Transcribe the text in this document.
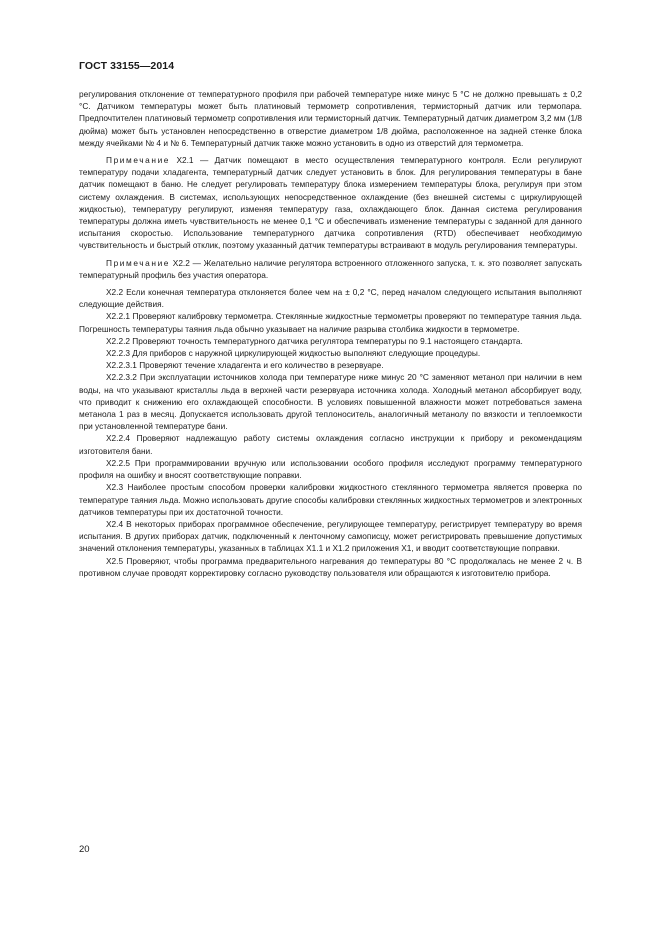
ГОСТ 33155—2014

регулирования отклонение от температурного профиля при рабочей температуре ниже минус 5 °C не должно превышать ± 0,2 °C. Датчиком температуры может быть платиновый термометр сопротивления, термисторный датчик или термопара. Предпочтителен платиновый термометр сопротивления или термисторный датчик. Температурный датчик диаметром 3,2 мм (1/8 дюйма) может быть установлен непосредственно в отверстие диаметром 1/8 дюйма, расположенное на задней стенке блока между ячейками № 4 и № 6. Температурный датчик также можно установить в одно из отверстий для термометра.

Примечание Х2.1 — Датчик помещают в место осуществления температурного контроля. Если регулируют температуру подачи хладагента, температурный датчик следует установить в блок. Для регулирования температуры в бане датчик помещают в баню. Не следует регулировать температуру блока измерением температуры блока, регулируя при этом систему охлаждения. В системах, использующих непосредственное охлаждение (без внешней системы с циркулирующей жидкостью), температуру регулируют, изменяя температуру газа, охлаждающего блок. Данная система регулирования температуры должна иметь чувствительность не менее 0,1 °C и обеспечивать изменение температуры с заданной для данного испытания скоростью. Использование температурного датчика сопротивления (RTD) обеспечивает необходимую чувствительность и быстрый отклик, поэтому указанный датчик температуры встраивают в модуль регулирования температуры.

Примечание Х2.2 — Желательно наличие регулятора встроенного отложенного запуска, т. к. это позволяет запускать температурный профиль без участия оператора.

Х2.2 Если конечная температура отклоняется более чем на ± 0,2 °C, перед началом следующего испытания выполняют следующие действия.

Х2.2.1 Проверяют калибровку термометра. Стеклянные жидкостные термометры проверяют по температуре таяния льда. Погрешность температуры таяния льда обычно указывает на наличие разрыва столбика жидкости в термометре.

Х2.2.2 Проверяют точность температурного датчика регулятора температуры по 9.1 настоящего стандарта.

Х2.2.3 Для приборов с наружной циркулирующей жидкостью выполняют следующие процедуры.

Х2.2.3.1 Проверяют течение хладагента и его количество в резервуаре.

Х2.2.3.2 При эксплуатации источников холода при температуре ниже минус 20 °C заменяют метанол при наличии в нем воды, на что указывают кристаллы льда в верхней части резервуара источника холода. Холодный метанол абсорбирует воду, что приводит к снижению его охлаждающей способности. В условиях повышенной влажности может потребоваться замена метанола 1 раз в месяц. Допускается использовать другой теплоноситель, аналогичный метанолу по вязкости и теплоемкости при установленной температуре бани.

Х2.2.4 Проверяют надлежащую работу системы охлаждения согласно инструкции к прибору и рекомендациям изготовителя бани.

Х2.2.5 При программировании вручную или использовании особого профиля исследуют программу температурного профиля на ошибку и вносят соответствующие поправки.

Х2.3 Наиболее простым способом проверки калибровки жидкостного стеклянного термометра является проверка по температуре таяния льда. Можно использовать другие способы калибровки стеклянных жидкостных термометров и электронных датчиков температуры при их достаточной точности.

Х2.4 В некоторых приборах программное обеспечение, регулирующее температуру, регистрирует температуру во время испытания. В других приборах датчик, подключенный к ленточному самописцу, может регистрировать превышение допустимых значений отклонения температуры, указанных в таблицах Х1.1 и Х1.2 приложения Х1, и вводит соответствующие поправки.

Х2.5 Проверяют, чтобы программа предварительного нагревания до температуры 80 °C продолжалась не менее 2 ч. В противном случае проводят корректировку согласно руководству пользователя или обращаются к изготовителю прибора.

20
